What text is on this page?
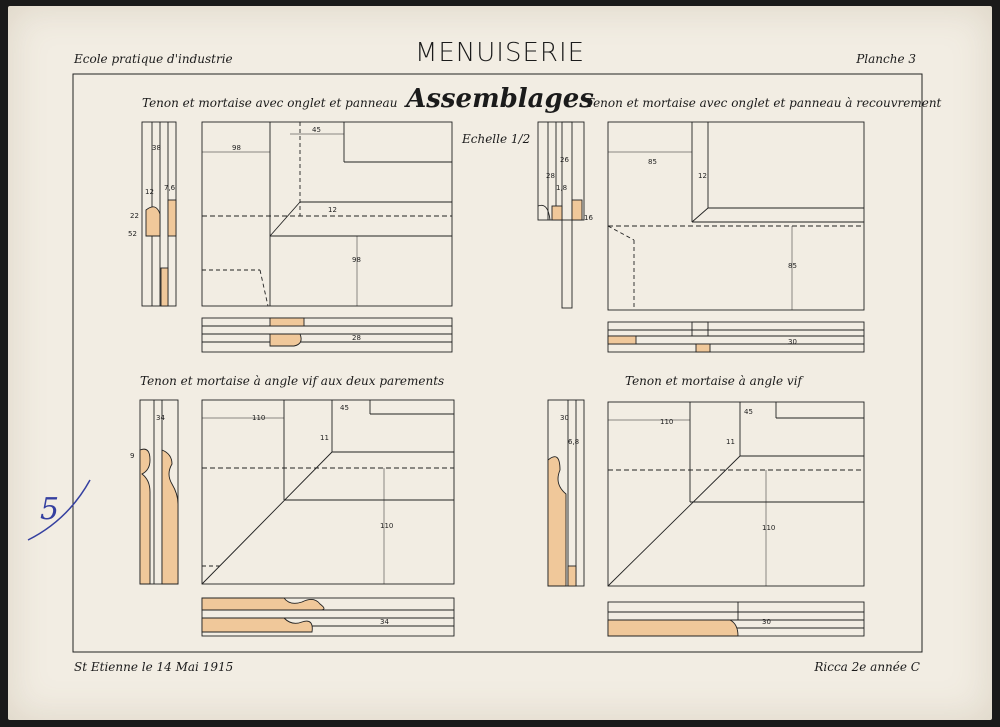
38	98
45
12
98
28
12 7,6
22
52
85
12
85
30
26
28
1,8
16
34	110
45
11
110
34
9
30	110
45
11
110
30
6,8
Ecole pratique d'industrie	MENUISERIE	Planche 3
Assemblages
Echelle 1/2
Tenon et mortaise avec onglet et panneau	Tenon et mortaise avec onglet et panneau à recouvrement
Tenon et mortaise à angle vif aux deux parements	Tenon et mortaise à angle vif
St Etienne le 14 Mai 1915	Ricca 2e année C
5
